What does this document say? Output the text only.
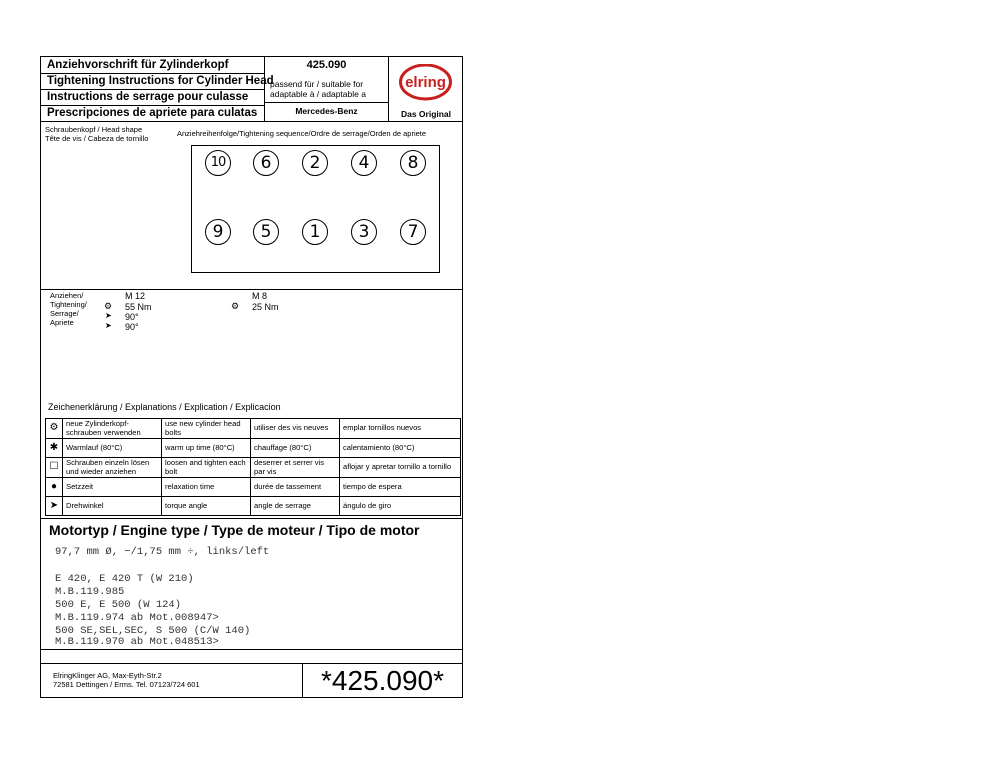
Anziehvorschrift für Zylinderkopf
Tightening Instructions for Cylinder Head
Instructions de serrage pour culasse
Prescripciones de apriete para culatas
425.090
passend für / suitable for
adaptable à / adaptable a
Mercedes-Benz
elring
Das Original
Schraubenkopf / Head shape
Tête de vis / Cabeza de tornillo
Anziehreihenfolge/Tightening sequence/Ordre de serrage/Orden de apriete
10	6	2	4	8
9	5	1	3	7
Anziehen/
Tightening/
Serrage/
Apriete
M 12
⚙ 55 Nm
➤ 90°
➤ 90°
M 8
⚙ 25 Nm
Zeichenerklärung / Explanations / Explication / Explicacion
⚙	neue Zylinderkopf-schrauben verwenden	use new cylinder head bolts	utiliser des vis neuves	emplar tornillos nuevos
✱	Warmlauf (80°C)	warm up time (80°C)	chauffage (80°C)	calentamiento (80°C)
☐	Schrauben einzeln lösen und wieder anziehen	loosen and tighten each bolt	deserrer et serrer vis par vis	aflojar y apretar tornillo a tornillo
●	Setzzeit	relaxation time	durée de tassement	tiempo de espera
➤	Drehwinkel	torque angle	angle de serrage	ángulo de giro
Motortyp / Engine type / Type de moteur / Tipo de motor
97,7 mm Ø, −/1,75 mm ÷, links/left
E 420, E 420 T (W 210)
M.B.119.985
500 E, E 500 (W 124)
M.B.119.974 ab Mot.008947>
500 SE,SEL,SEC, S 500 (C/W 140)
M.B.119.970 ab Mot.048513>
ElringKlinger AG, Max-Eyth-Str.2
72581 Dettingen / Erms. Tel. 07123/724 601	*425.090*
